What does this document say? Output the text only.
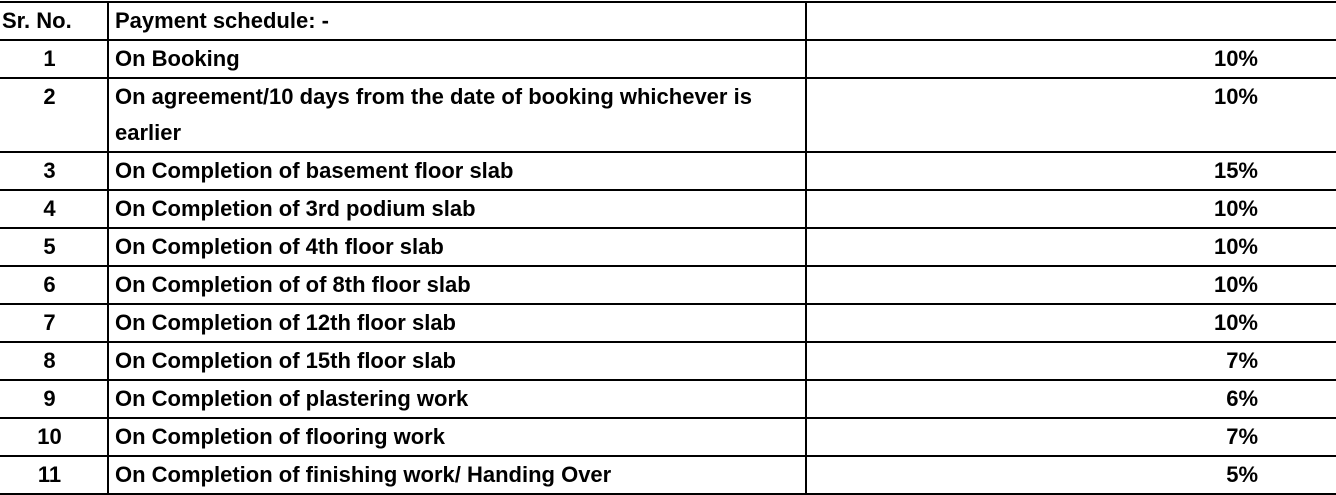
Sr. No.	Payment schedule: -	
1	On Booking	10%
2	On agreement/10 days from the date of booking whichever is earlier	10%
3	On Completion of basement floor slab	15%
4	On Completion of 3rd podium slab	10%
5	On Completion of 4th floor slab	10%
6	On Completion of of 8th floor slab	10%
7	On Completion of 12th floor slab	10%
8	On Completion of 15th floor slab	7%
9	On Completion of plastering work	6%
10	On Completion of flooring work	7%
11	On Completion of finishing work/ Handing Over	5%
